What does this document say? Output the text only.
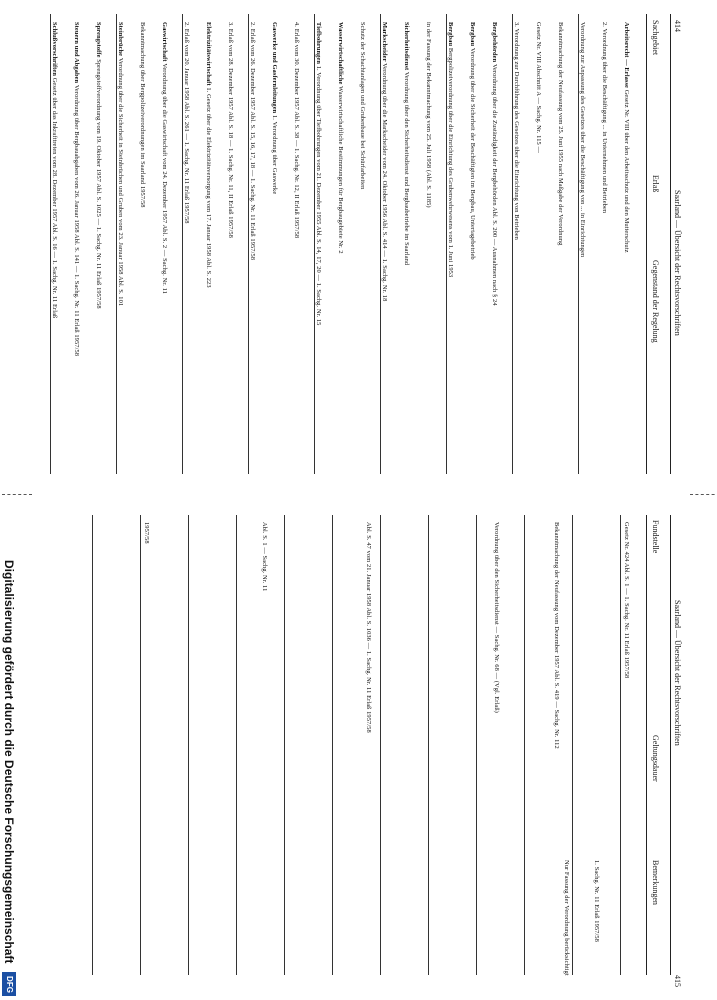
414
Saarland — Übersicht der Rechtsvorschriften
Sachgebiet
Erlaß
Gegenstand der Regelung
Arbeitsrecht — Erlasse Gesetz Nr. VIII über den Arbeitsschutz und den Mutterschutz
2. Verordnung über die Beschäftigung ... in Unternehmen und Betrieben
Verordnung zur Anpassung des Gesetzes über die Beschäftigung von ... in Einrichtungen
Bekanntmachung der Neufassung vom 25. Juni 1955 nach Maßgabe der Verordnung
Gesetz Nr. VIII Abschnitt A — Sachg. Nr. 115 —
3. Verordnung zur Durchführung des Gesetzes über die Einrichtung von Betrieben
Bergbehörden Verordnung über die Zuständigkeit der Bergbehörden Abl. S. 200 — Ausnahmen nach § 24
Bergbau Verordnung über die Sicherheit der Beschäftigten im Bergbau, Untertagebetrieb
Bergbau Bergpolizeiverordnung über die Einrichtung des Grubenwehrwesens vom 1. Juni 1953
in der Fassung der Bekanntmachung vom 25. Juli 1958 (Abl. S. 1185)
Sicherheitsdienst Verordnung über den Sicherheitsdienst und Bergbaubetriebe im Saarland
Markscheider Verordnung über die Markscheider vom 24. Oktober 1956 Abl. S. 414 — 1. Sachg. Nr. 18
Schutz der Schachtanlagen und Grubenbaue bei Schürfarbeiten
Wasserwirtschaftliche Wasserwirtschaftliche Bestimmungen für Bergbaugebiete Nr. 2
Tiefbohrungen 1. Verordnung über Tiefbohrungen vom 21. Dezember 1955 Abl. S. 14, 17, 20 — 1. Sachg. Nr. 15
4. Erlaß vom 30. Dezember 1957 Abl. S. 38 — 1. Sachg. Nr. 12, II Erlaß 1957/58
Gaswerke und Gasfernleitungen 1. Verordnung über Gaswerke
2. Erlaß vom 26. Dezember 1957 Abl. S. 15, 16, 17, 18 — 1. Sachg. Nr. 11 Erlaß 1957/58
3. Erlaß vom 28. Dezember 1957 Abl. S. 18 — 1. Sachg. Nr. 11, II Erlaß 1957/58
Elektrizitätswirtschaft 1. Gesetz über die Elektrizitätsversorgung vom 17. Januar 1958 Abl. S. 223
2. Erlaß vom 20. Januar 1958 Abl. S. 261 — 1. Sachg. Nr. 11 Erlaß 1957/58
Gaswirtschaft Verordnung über die Gaswirtschaft vom 24. Dezember 1957 Abl. S. 2 — Sachg. Nr. 11
Bekanntmachung über Bergpolizeiverordnungen im Saarland 1957/58
Steinbrüche Verordnung über die Sicherheit in Steinbrüchen und Gruben vom 23. Januar 1958 Abl. S. 101
Sprengstoffe Sprengstoffverordnung vom 19. Oktober 1957 Abl. S. 1025 — 1. Sachg. Nr. 11 Erlaß 1957/58
Steuern und Abgaben Verordnung über Bergbauabgaben vom 26. Januar 1958 Abl. S. 141 — 1. Sachg. Nr. 11 Erlaß 1957/58
Schlußvorschriften Gesetz über das Inkrafttreten vom 28. Dezember 1957 Abl. S. 16 — 1. Sachg. Nr. 11 Erlaß
Saarland — Übersicht der Rechtsvorschriften
415
Fundstelle
Geltungsdauer
Bemerkungen
Gesetz Nr. 424 Abl. S. 1 — 1. Sachg. Nr. 11 Erlaß 1957/58
Bekanntmachung der Neufassung vom Dezember 1957 Abl. S. 419 — Sachg. Nr. 112
Verordnung über den Sicherheitsdienst — Sachg. Nr. 68 — (Vgl. Erlaß)
Abl. S. 47 vom 21. Januar 1958 Abl. S. 1036 — 1. Sachg. Nr. 11 Erlaß 1957/58
Abl. S. 1 — Sachg. Nr. 11
1957/58
1. Sachg. Nr. 11 Erlaß 1957/58
Nur Fassung der Verordnung berücksichtigt
Digitalisierung gefördert durch die Deutsche Forschungsgemeinschaft
DFG
